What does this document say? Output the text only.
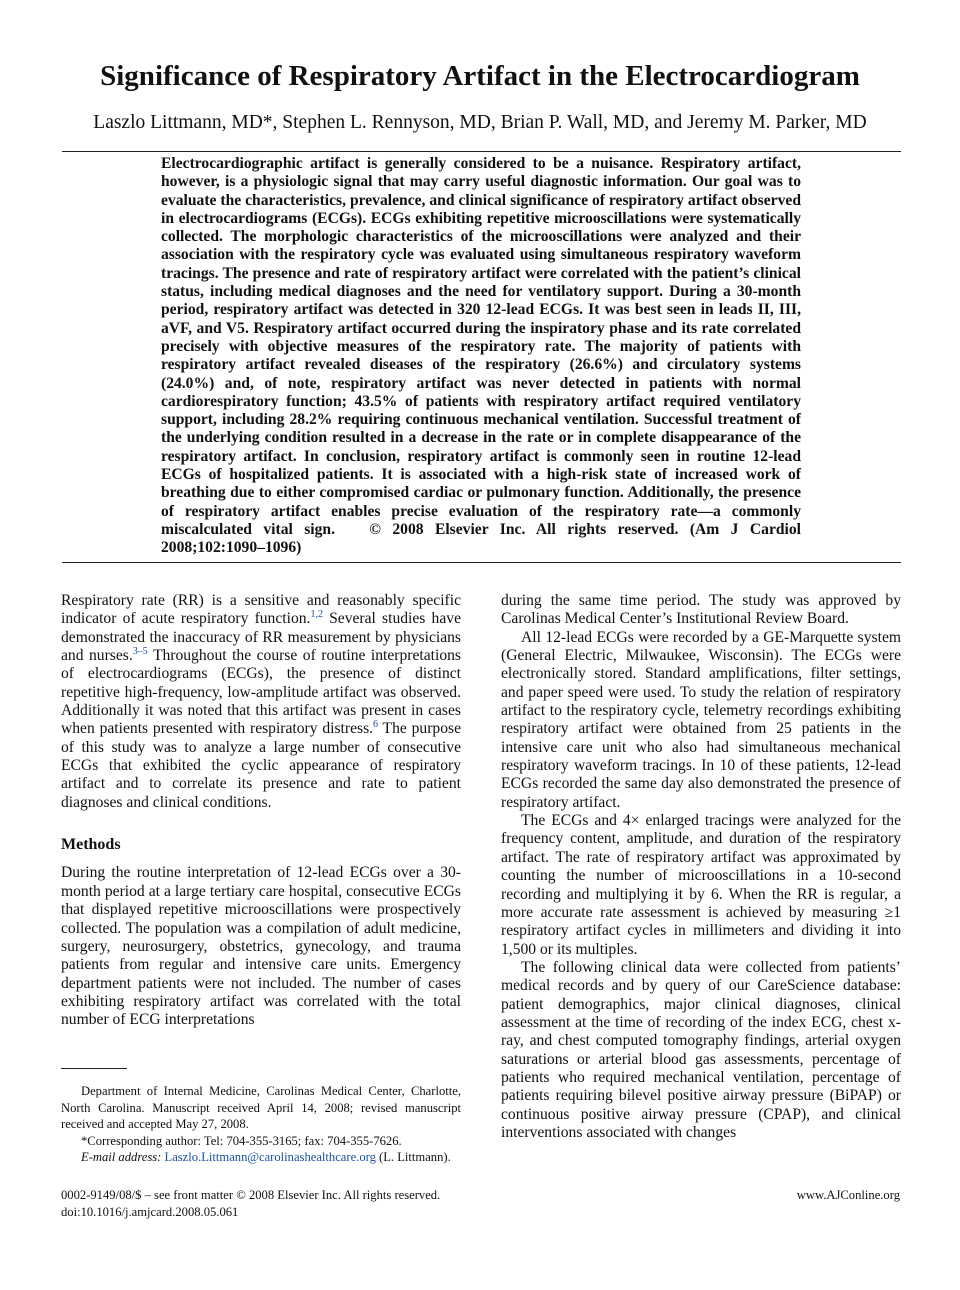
Significance of Respiratory Artifact in the Electrocardiogram

Laszlo Littmann, MD*, Stephen L. Rennyson, MD, Brian P. Wall, MD, and Jeremy M. Parker, MD

Electrocardiographic artifact is generally considered to be a nuisance. Respiratory artifact, however, is a physiologic signal that may carry useful diagnostic information. Our goal was to evaluate the characteristics, prevalence, and clinical significance of respiratory artifact observed in electrocardiograms (ECGs). ECGs exhibiting repetitive microoscillations were systematically collected. The morphologic characteristics of the microoscillations were analyzed and their association with the respiratory cycle was evaluated using simultaneous respiratory waveform tracings. The presence and rate of respiratory artifact were correlated with the patient’s clinical status, including medical diagnoses and the need for ventilatory support. During a 30-month period, respiratory artifact was detected in 320 12-lead ECGs. It was best seen in leads II, III, aVF, and V5. Respiratory artifact occurred during the inspiratory phase and its rate correlated precisely with objective measures of the respiratory rate. The majority of patients with respiratory artifact revealed diseases of the respiratory (26.6%) and circulatory systems (24.0%) and, of note, respiratory artifact was never detected in patients with normal cardiorespiratory function; 43.5% of patients with respiratory artifact required ventilatory support, including 28.2% requiring continuous mechanical ventilation. Successful treatment of the underlying condition resulted in a decrease in the rate or in complete disappearance of the respiratory artifact. In conclusion, respiratory artifact is commonly seen in routine 12-lead ECGs of hospitalized patients. It is associated with a high-risk state of increased work of breathing due to either compromised cardiac or pulmonary function. Additionally, the presence of respiratory artifact enables precise evaluation of the respiratory rate—a commonly miscalculated vital sign. © 2008 Elsevier Inc. All rights reserved. (Am J Cardiol 2008;102:1090–1096)

Respiratory rate (RR) is a sensitive and reasonably specific indicator of acute respiratory function.$^{1,2}$ Several studies have demonstrated the inaccuracy of RR measurement by physicians and nurses.$^{3-5}$ Throughout the course of routine interpretations of electrocardiograms (ECGs), the presence of distinct repetitive high-frequency, low-amplitude artifact was observed. Additionally it was noted that this artifact was present in cases when patients presented with respiratory distress.$^6$ The purpose of this study was to analyze a large number of consecutive ECGs that exhibited the cyclic appearance of respiratory artifact and to correlate its presence and rate to patient diagnoses and clinical conditions.

Methods

During the routine interpretation of 12-lead ECGs over a 30-month period at a large tertiary care hospital, consecutive ECGs that displayed repetitive microoscillations were prospectively collected. The population was a compilation of adult medicine, surgery, neurosurgery, obstetrics, gynecology, and trauma patients from regular and intensive care units. Emergency department patients were not included. The number of cases exhibiting respiratory artifact was correlated with the total number of ECG interpretations

during the same time period. The study was approved by Carolinas Medical Center’s Institutional Review Board.

All 12-lead ECGs were recorded by a GE-Marquette system (General Electric, Milwaukee, Wisconsin). The ECGs were electronically stored. Standard amplifications, filter settings, and paper speed were used. To study the relation of respiratory artifact to the respiratory cycle, telemetry recordings exhibiting respiratory artifact were obtained from 25 patients in the intensive care unit who also had simultaneous mechanical respiratory waveform tracings. In 10 of these patients, 12-lead ECGs recorded the same day also demonstrated the presence of respiratory artifact.

The ECGs and 4× enlarged tracings were analyzed for the frequency content, amplitude, and duration of the respiratory artifact. The rate of respiratory artifact was approximated by counting the number of microoscillations in a 10-second recording and multiplying it by 6. When the RR is regular, a more accurate rate assessment is achieved by measuring ≥1 respiratory artifact cycles in millimeters and dividing it into 1,500 or its multiples.

The following clinical data were collected from patients’ medical records and by query of our CareScience database: patient demographics, major clinical diagnoses, clinical assessment at the time of recording of the index ECG, chest x-ray, and chest computed tomography findings, arterial oxygen saturations or arterial blood gas assessments, percentage of patients who required mechanical ventilation, percentage of patients requiring bilevel positive airway pressure (BiPAP) or continuous positive airway pressure (CPAP), and clinical interventions associated with changes

Department of Internal Medicine, Carolinas Medical Center, Charlotte, North Carolina. Manuscript received April 14, 2008; revised manuscript received and accepted May 27, 2008.

*Corresponding author: Tel: 704-355-3165; fax: 704-355-7626.

E-mail address: Laszlo.Littmann@carolinashealthcare.org (L. Littmann).

0002-9149/08/$ – see front matter © 2008 Elsevier Inc. All rights reserved.
doi:10.1016/j.amjcard.2008.05.061
www.AJConline.org
